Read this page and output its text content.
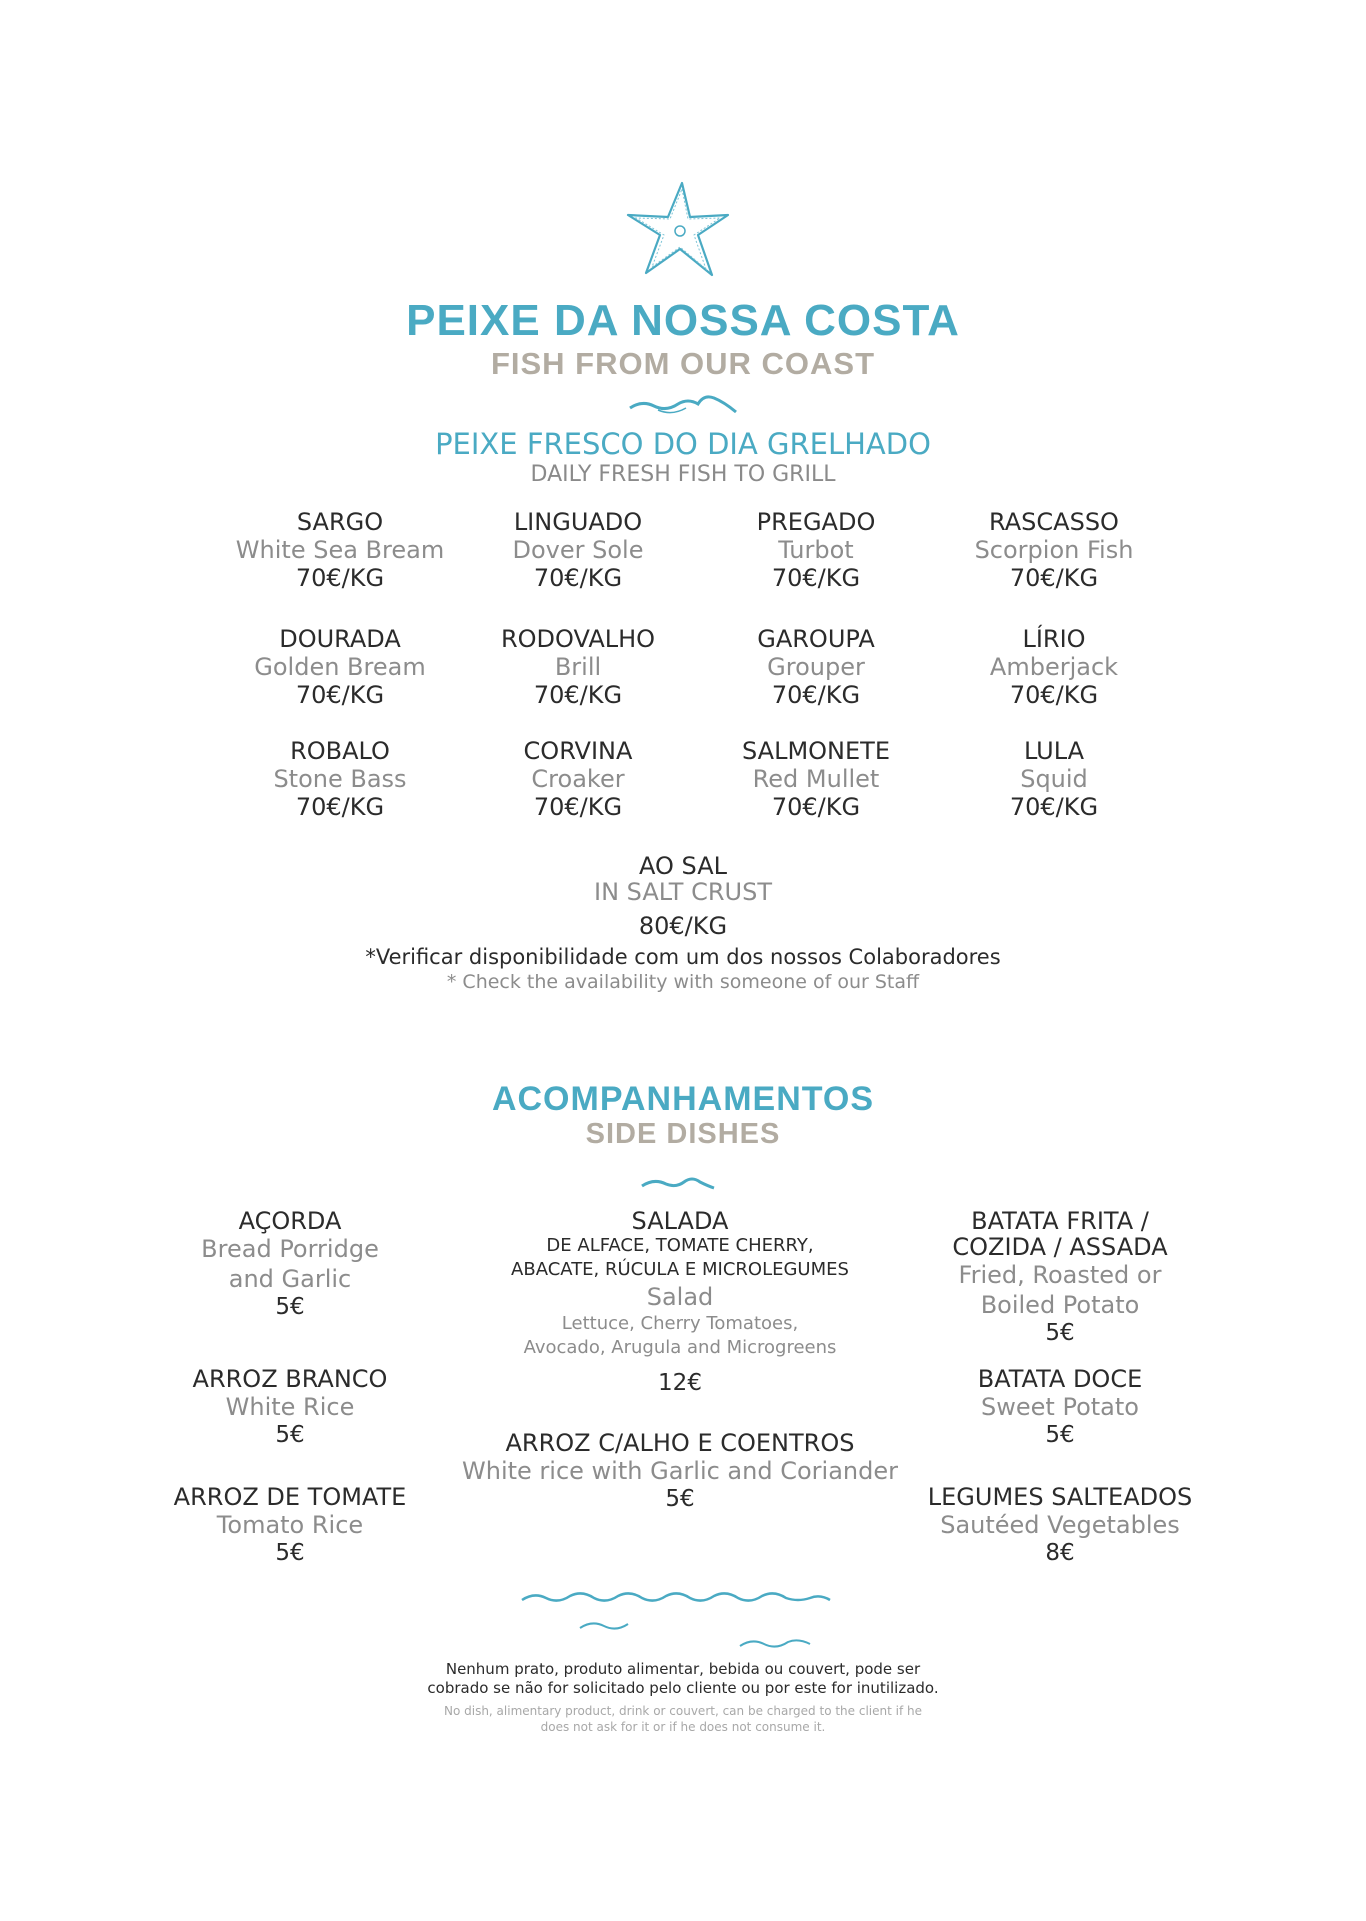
PEIXE DA NOSSA COSTA
FISH FROM OUR COAST
PEIXE FRESCO DO DIA GRELHADO
DAILY FRESH FISH TO GRILL
SARGO
White Sea Bream
70€/KG
LINGUADO
Dover Sole
70€/KG
PREGADO
Turbot
70€/KG
RASCASSO
Scorpion Fish
70€/KG
DOURADA
Golden Bream
70€/KG
RODOVALHO
Brill
70€/KG
GAROUPA
Grouper
70€/KG
LÍRIO
Amberjack
70€/KG
ROBALO
Stone Bass
70€/KG
CORVINA
Croaker
70€/KG
SALMONETE
Red Mullet
70€/KG
LULA
Squid
70€/KG
AO SAL
IN SALT CRUST
80€/KG
*Verificar disponibilidade com um dos nossos Colaboradores
* Check the availability with someone of our Staff
ACOMPANHAMENTOS
SIDE DISHES
AÇORDA
Bread Porridge
and Garlic
5€
ARROZ BRANCO
White Rice
5€
ARROZ DE TOMATE
Tomato Rice
5€
SALADA
DE ALFACE, TOMATE CHERRY,
ABACATE, RÚCULA E MICROLEGUMES
Salad
Lettuce, Cherry Tomatoes,
Avocado, Arugula and Microgreens
12€
ARROZ C/ALHO E COENTROS
White rice with Garlic and Coriander
5€
BATATA FRITA /
COZIDA / ASSADA
Fried, Roasted or
Boiled Potato
5€
BATATA DOCE
Sweet Potato
5€
LEGUMES SALTEADOS
Sautéed Vegetables
8€
Nenhum prato, produto alimentar, bebida ou couvert, pode ser
cobrado se não for solicitado pelo cliente ou por este for inutilizado.
No dish, alimentary product, drink or couvert, can be charged to the client if he
does not ask for it or if he does not consume it.
